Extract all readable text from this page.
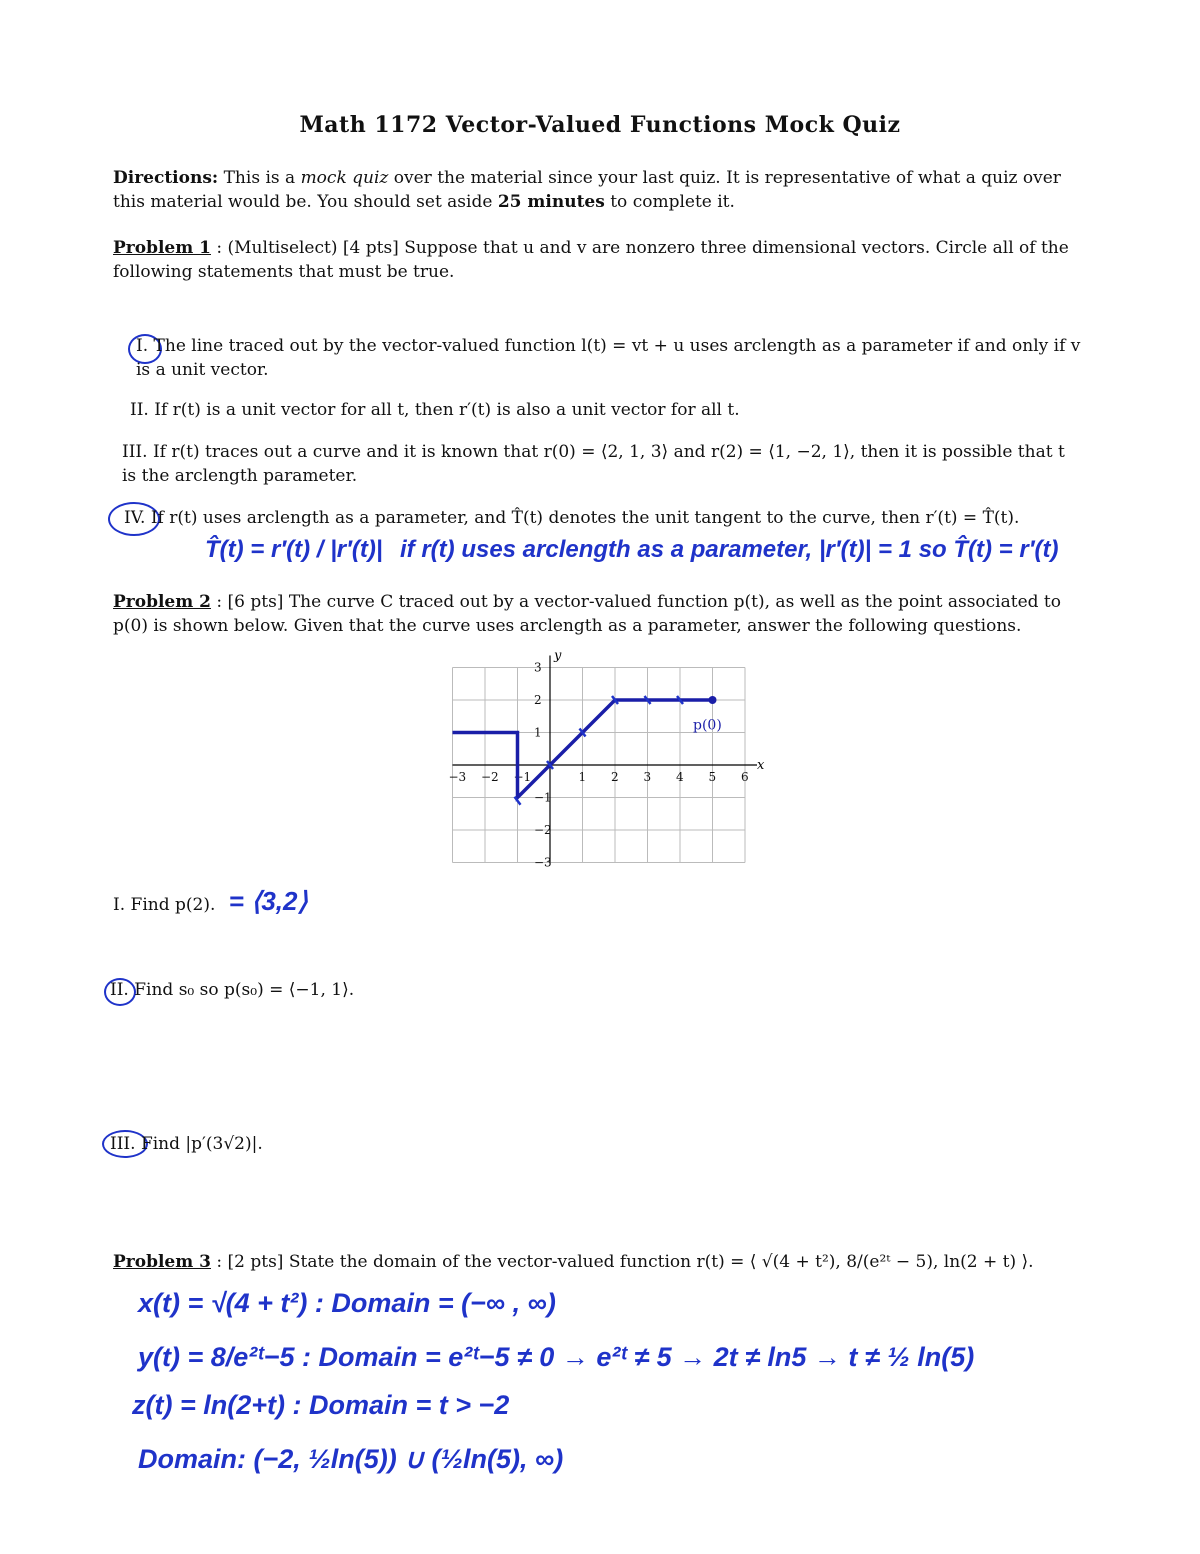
Math 1172 Vector-Valued Functions Mock Quiz
Directions: This is a mock quiz over the material since your last quiz. It is representative of what a quiz over this material would be. You should set aside 25 minutes to complete it.
Problem 1 : (Multiselect) [4 pts] Suppose that u and v are nonzero three dimensional vectors. Circle all of the following statements that must be true.
I. The line traced out by the vector-valued function l(t) = vt + u uses arclength as a parameter if and only if v is a unit vector.
II. If r(t) is a unit vector for all t, then r′(t) is also a unit vector for all t.
III. If r(t) traces out a curve and it is known that r(0) = ⟨2, 1, 3⟩ and r(2) = ⟨1, −2, 1⟩, then it is possible that t is the arclength parameter.
IV. If r(t) uses arclength as a parameter, and T̂(t) denotes the unit tangent to the curve, then r′(t) = T̂(t).
T̂(t) = r′(t) / |r′(t)| if r(t) uses arclength as a parameter, |r′(t)| = 1 so T̂(t) = r′(t)
Problem 2 : [6 pts] The curve C traced out by a vector-valued function p(t), as well as the point associated to p(0) is shown below. Given that the curve uses arclength as a parameter, answer the following questions.
−3 −2 −1	1 2 3 4 5 6
3
2
1
−1
−2
−3
p(0)
x
y
I. Find p(2). = ⟨3,2⟩
II. Find s₀ so p(s₀) = ⟨−1, 1⟩.
III. Find |p′(3√2)|.
Problem 3 : [2 pts] State the domain of the vector-valued function r(t) = ⟨ √(4 + t²), 8/(e²ᵗ − 5), ln(2 + t) ⟩.
x(t) = √(4 + t²) : Domain = (−∞ , ∞)
y(t) = 8/e²ᵗ−5 : Domain = e²ᵗ−5 ≠ 0 → e²ᵗ ≠ 5 → 2t ≠ ln5 → t ≠ ½ ln(5)
z(t) = ln(2+t) : Domain = t > −2
Domain: (−2, ½ln(5)) ∪ (½ln(5), ∞)
